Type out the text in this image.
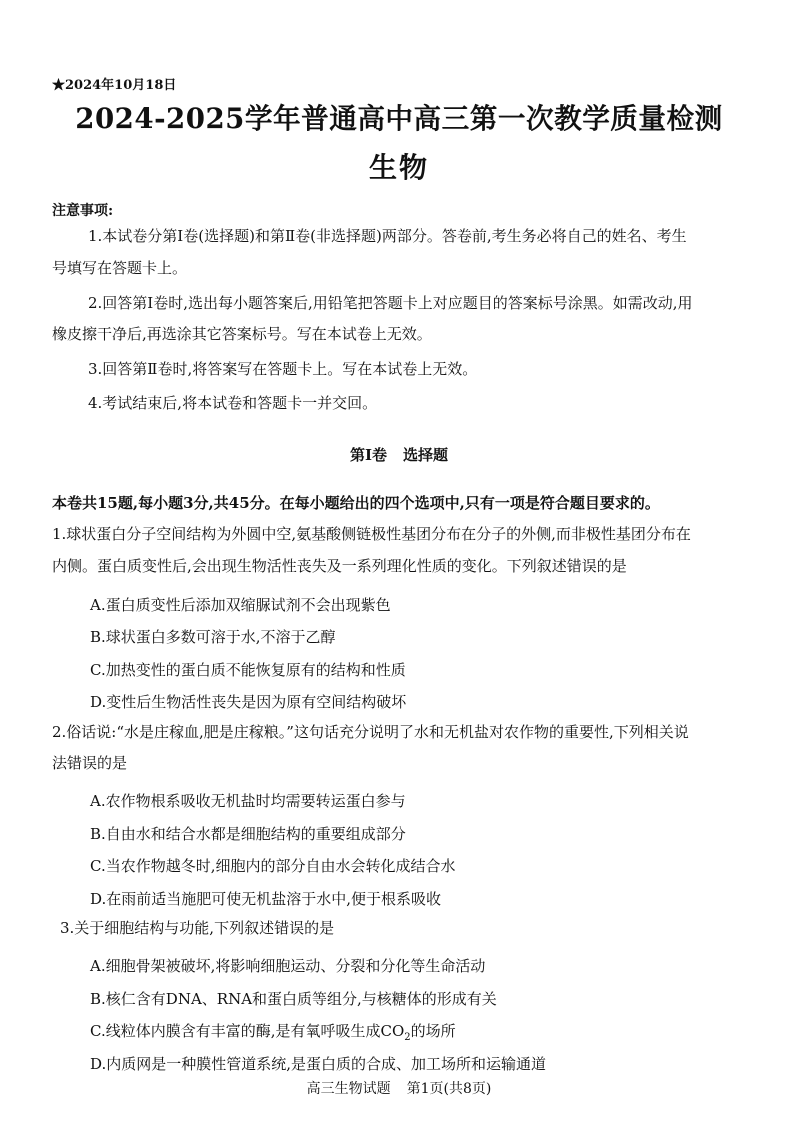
★2024年10月18日
2024-2025学年普通高中高三第一次教学质量检测
生物
注意事项:
1.本试卷分第Ⅰ卷(选择题)和第Ⅱ卷(非选择题)两部分。答卷前,考生务必将自己的姓名、考生
号填写在答题卡上。
2.回答第Ⅰ卷时,选出每小题答案后,用铅笔把答题卡上对应题目的答案标号涂黑。如需改动,用
橡皮擦干净后,再选涂其它答案标号。写在本试卷上无效。
3.回答第Ⅱ卷时,将答案写在答题卡上。写在本试卷上无效。
4.考试结束后,将本试卷和答题卡一并交回。
第Ⅰ卷 选择题
本卷共15题,每小题3分,共45分。在每小题给出的四个选项中,只有一项是符合题目要求的。
1.球状蛋白分子空间结构为外圆中空,氨基酸侧链极性基团分布在分子的外侧,而非极性基团分布在
内侧。蛋白质变性后,会出现生物活性丧失及一系列理化性质的变化。下列叙述错误的是
A.蛋白质变性后添加双缩脲试剂不会出现紫色
B.球状蛋白多数可溶于水,不溶于乙醇
C.加热变性的蛋白质不能恢复原有的结构和性质
D.变性后生物活性丧失是因为原有空间结构破坏
2.俗话说:“水是庄稼血,肥是庄稼粮。”这句话充分说明了水和无机盐对农作物的重要性,下列相关说
法错误的是
A.农作物根系吸收无机盐时均需要转运蛋白参与
B.自由水和结合水都是细胞结构的重要组成部分
C.当农作物越冬时,细胞内的部分自由水会转化成结合水
D.在雨前适当施肥可使无机盐溶于水中,便于根系吸收
3.关于细胞结构与功能,下列叙述错误的是
A.细胞骨架被破坏,将影响细胞运动、分裂和分化等生命活动
B.核仁含有DNA、RNA和蛋白质等组分,与核糖体的形成有关
C.线粒体内膜含有丰富的酶,是有氧呼吸生成$CO_2$的场所
D.内质网是一种膜性管道系统,是蛋白质的合成、加工场所和运输通道
高三生物试题 第1页(共8页)
